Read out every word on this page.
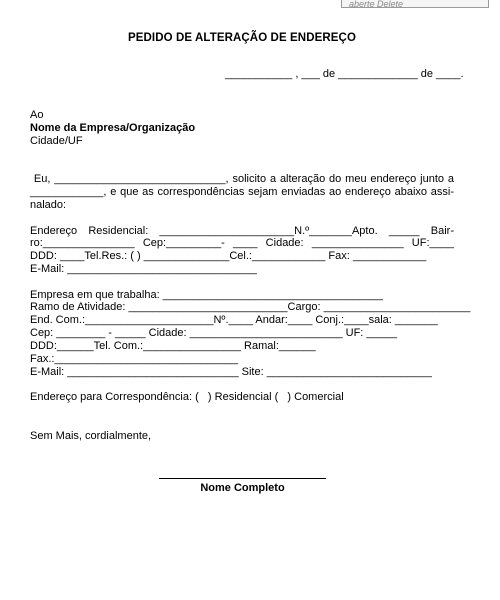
aberte Delete
PEDIDO DE ALTERAÇÃO DE ENDEREÇO
___________ , ___ de _____________ de ____.
Ao
Nome da Empresa/Organização
Cidade/UF
Eu, ____________________________, solicito a alteração do meu endereço junto a
____________, e que as correspondências sejam enviadas ao endereço abaixo assi-
nalado:
Endereço Residencial: ______________________N.º_______Apto. _____ Bair-
ro:_______________ Cep:_________- ____ Cidade: _______________ UF:____
DDD: ____Tel.Res.: ( ) ______________Cel.:____________ Fax: ____________
E-Mail: _______________________________
Empresa em que trabalha: ____________________________________
Ramo de Atividade: __________________________Cargo: ________________________
End. Com.:_____________________Nº.____ Andar:____ Conj.:____sala: _______
Cep: ________ - _____ Cidade: _________________________ UF: _____
DDD:______Tel. Com.:________________ Ramal:______
Fax.:______________________________
E-Mail: ____________________________ Site: ___________________________
Endereço para Correspondência: (   ) Residencial (   ) Comercial
Sem Mais, cordialmente,
Nome Completo
